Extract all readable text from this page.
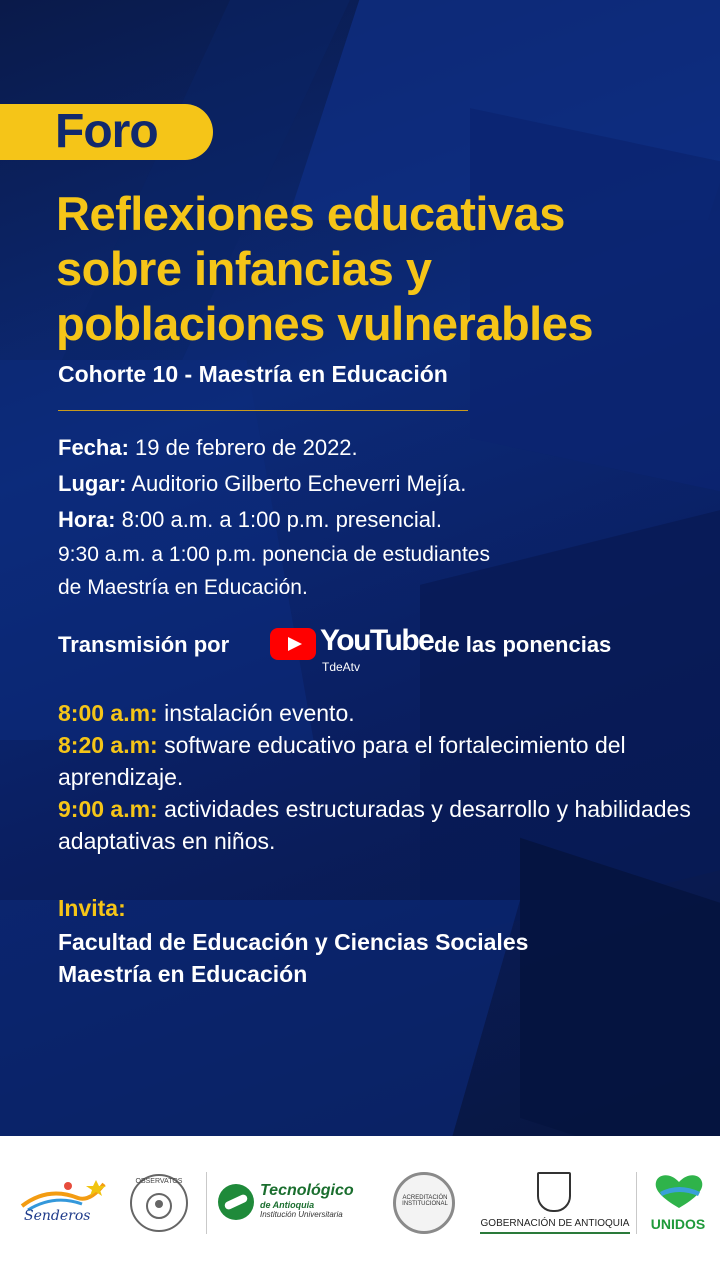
Foro
Reflexiones educativas
sobre infancias y
poblaciones vulnerables
Cohorte 10 - Maestría en Educación
Fecha: 19 de febrero de 2022.
Lugar: Auditorio Gilberto Echeverri Mejía.
Hora: 8:00 a.m. a 1:00 p.m. presencial.
9:30 a.m. a 1:00 p.m. ponencia de estudiantes
de Maestría en Educación.
Transmisión por	YouTube
TdeAtv
de las ponencias
8:00 a.m: instalación evento.
8:20 a.m: software educativo para el fortalecimiento del aprendizaje.
9:00 a.m: actividades estructuradas y desarrollo y habilidades adaptativas en niños.
Invita:
Facultad de Educación y Ciencias Sociales
Maestría en Educación
Senderos
OBSERVATOS
Tecnológico
de Antioquia
Institución Universitaria
ACREDITACIÓN INSTITUCIONAL
GOBERNACIÓN DE ANTIOQUIA	UNIDOS
